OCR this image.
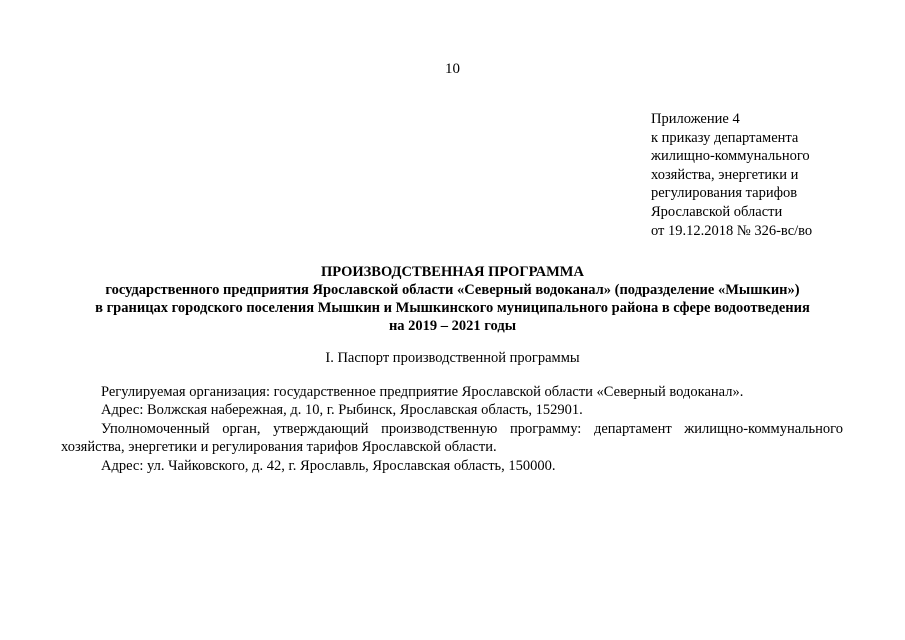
10
Приложение 4
к приказу департамента
жилищно-коммунального
хозяйства, энергетики и
регулирования тарифов
Ярославской области
от 19.12.2018 № 326-вс/во
ПРОИЗВОДСТВЕННАЯ ПРОГРАММА
государственного предприятия Ярославской области «Северный водоканал» (подразделение «Мышкин»)
в границах городского поселения Мышкин и Мышкинского муниципального района в сфере водоотведения
на 2019 – 2021 годы
I. Паспорт производственной программы
Регулируемая организация: государственное предприятие Ярославской области «Северный водоканал».
Адрес: Волжская набережная, д. 10, г. Рыбинск, Ярославская область, 152901.
Уполномоченный орган, утверждающий производственную программу: департамент жилищно-коммунального
хозяйства, энергетики и регулирования тарифов Ярославской области.
Адрес: ул. Чайковского, д. 42, г. Ярославль, Ярославская область, 150000.
